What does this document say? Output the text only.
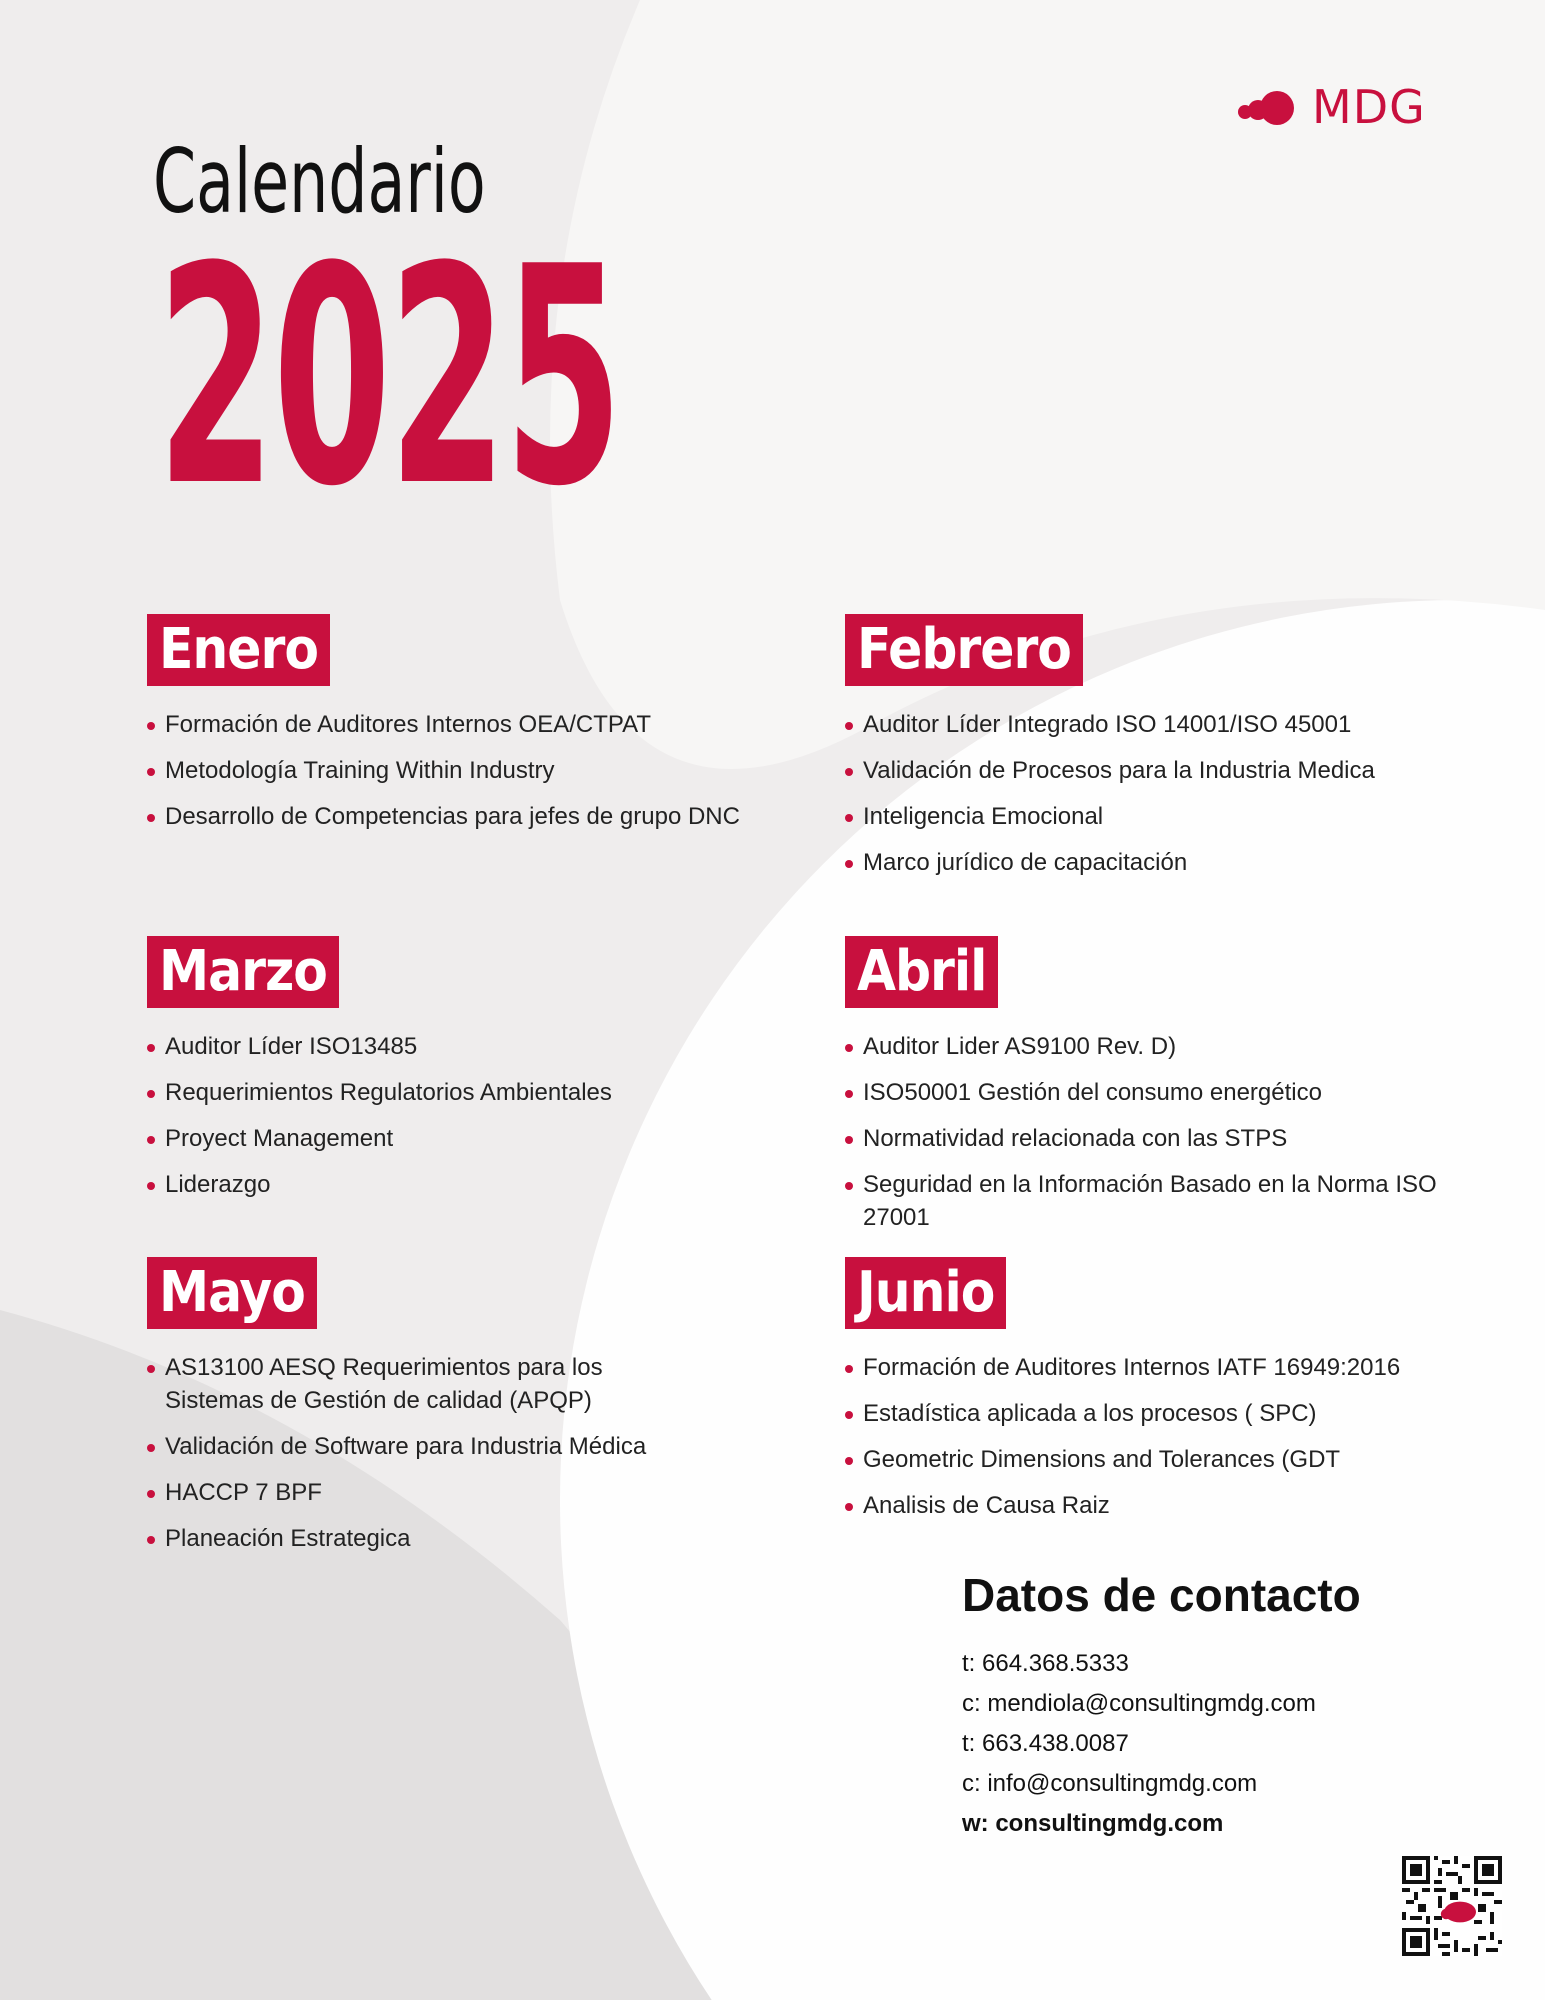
MDG
Calendario
2025
Enero
Formación de Auditores Internos OEA/CTPAT
Metodología Training Within Industry
Desarrollo de Competencias para jefes de grupo DNC
Febrero
Auditor Líder Integrado ISO 14001/ISO 45001
Validación de Procesos para la Industria Medica
Inteligencia Emocional
Marco jurídico de capacitación
Marzo
Auditor Líder ISO13485
Requerimientos Regulatorios Ambientales
Proyect Management
Liderazgo
Abril
Auditor Lider AS9100 Rev. D)
ISO50001 Gestión del consumo energético
Normatividad relacionada con las STPS
Seguridad en la Información Basado en la Norma ISO 27001
Mayo
AS13100 AESQ Requerimientos para los Sistemas de Gestión de calidad (APQP)
Validación de Software para Industria Médica
HACCP 7 BPF
Planeación Estrategica
Junio
Formación de Auditores Internos IATF 16949:2016
Estadística aplicada a los procesos ( SPC)
Geometric Dimensions and Tolerances (GDT
Analisis de Causa Raiz
Datos de contacto
t: 664.368.5333
c: mendiola@consultingmdg.com
t: 663.438.0087
c: info@consultingmdg.com
w: consultingmdg.com
